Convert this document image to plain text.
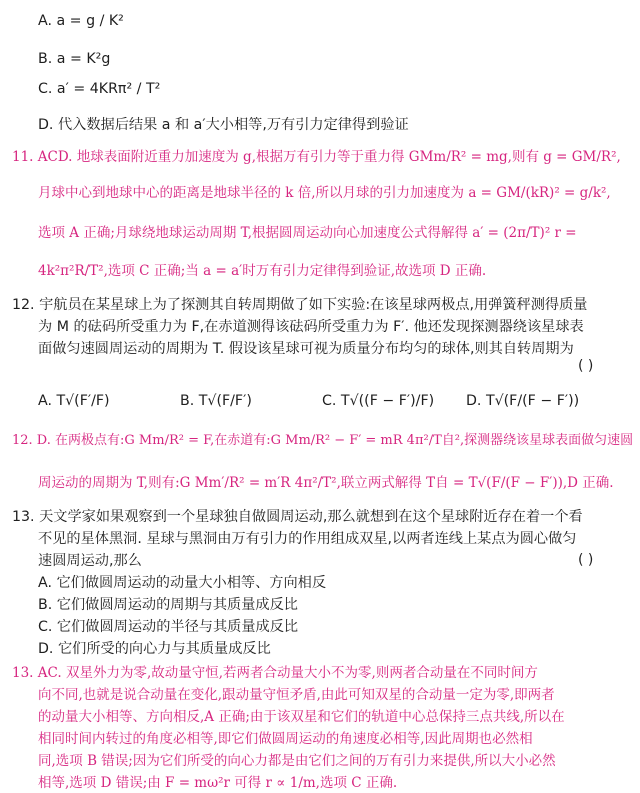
A. a = g / K²
B. a = K²g
C. a′ = 4KRπ² / T²
D. 代入数据后结果 a 和 a′大小相等,万有引力定律得到验证
11. ACD. 地球表面附近重力加速度为 g,根据万有引力等于重力得 GMm/R² = mg,则有 g = GM/R²,
月球中心到地球中心的距离是地球半径的 k 倍,所以月球的引力加速度为 a = GM/(kR)² = g/k²,
选项 A 正确;月球绕地球运动周期 T,根据圆周运动向心加速度公式得解得 a′ = (2π/T)² r =
4k²π²R/T²,选项 C 正确;当 a = a′时万有引力定律得到验证,故选项 D 正确.
12. 宇航员在某星球上为了探测其自转周期做了如下实验:在该星球两极点,用弹簧秤测得质量
为 M 的砝码所受重力为 F,在赤道测得该砝码所受重力为 F′. 他还发现探测器绕该星球表
面做匀速圆周运动的周期为 T. 假设该星球可视为质量分布均匀的球体,则其自转周期为
( )
A. T√(F′/F)	B. T√(F/F′)	C. T√((F − F′)/F) D. T√(F/(F − F′))
12. D. 在两极点有:G Mm/R² = F,在赤道有:G Mm/R² − F′ = mR 4π²/T自²,探测器绕该星球表面做匀速圆
周运动的周期为 T,则有:G Mm′/R² = m′R 4π²/T²,联立两式解得 T自 = T√(F/(F − F′)),D 正确.
13. 天文学家如果观察到一个星球独自做圆周运动,那么就想到在这个星球附近存在着一个看
不见的星体黑洞. 星球与黑洞由万有引力的作用组成双星,以两者连线上某点为圆心做匀
速圆周运动,那么	( )
A. 它们做圆周运动的动量大小相等、方向相反
B. 它们做圆周运动的周期与其质量成反比
C. 它们做圆周运动的半径与其质量成反比
D. 它们所受的向心力与其质量成反比
13. AC. 双星外力为零,故动量守恒,若两者合动量大小不为零,则两者合动量在不同时间方
向不同,也就是说合动量在变化,跟动量守恒矛盾,由此可知双星的合动量一定为零,即两者
的动量大小相等、方向相反,A 正确;由于该双星和它们的轨道中心总保持三点共线,所以在
相同时间内转过的角度必相等,即它们做圆周运动的角速度必相等,因此周期也必然相
同,选项 B 错误;因为它们所受的向心力都是由它们之间的万有引力来提供,所以大小必然
相等,选项 D 错误;由 F = mω²r 可得 r ∝ 1/m,选项 C 正确.
